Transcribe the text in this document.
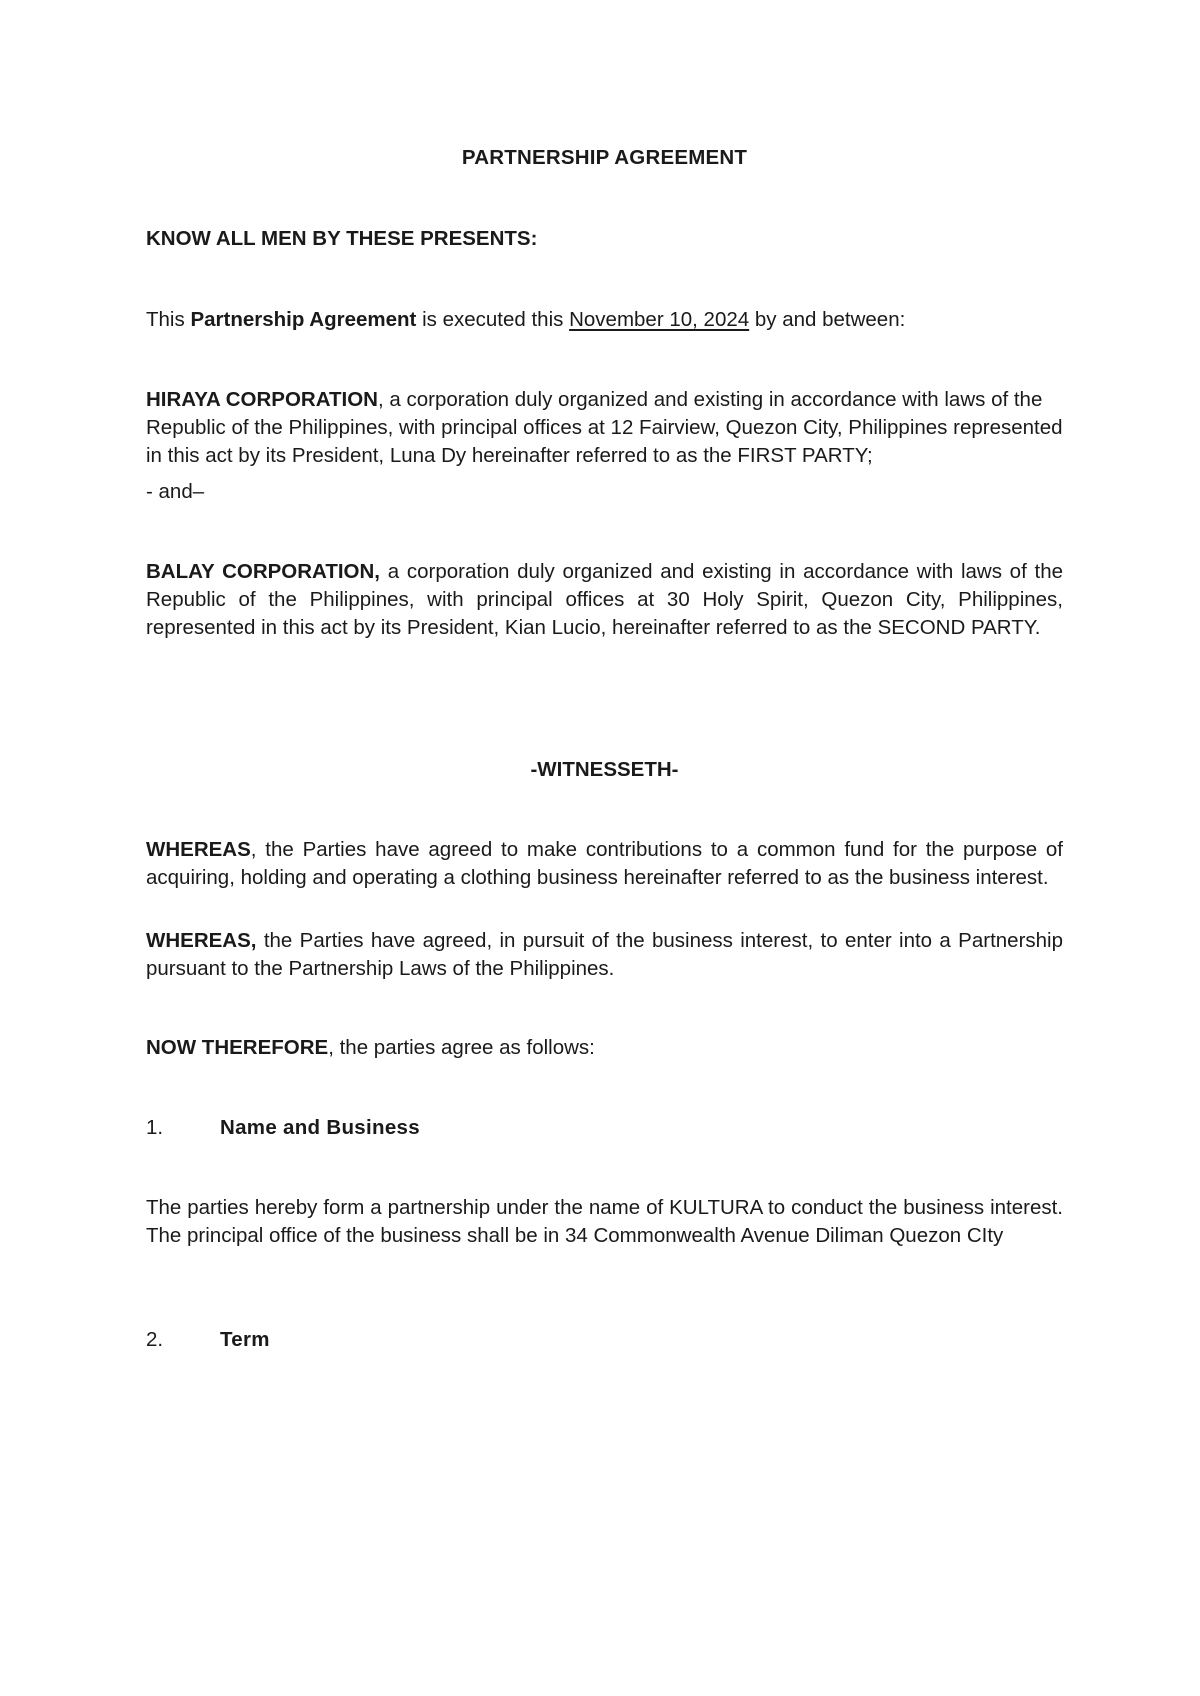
PARTNERSHIP AGREEMENT

KNOW ALL MEN BY THESE PRESENTS:

This Partnership Agreement is executed this November 10, 2024 by and between:

HIRAYA CORPORATION, a corporation duly organized and existing in accordance with laws of the Republic of the Philippines, with principal offices at 12 Fairview, Quezon City, Philippines represented in this act by its President, Luna Dy hereinafter referred to as the FIRST PARTY;

- and–

BALAY CORPORATION, a corporation duly organized and existing in accordance with laws of the Republic of the Philippines, with principal offices at 30 Holy Spirit, Quezon City, Philippines, represented in this act by its President, Kian Lucio, hereinafter referred to as the SECOND PARTY.

-WITNESSETH-

WHEREAS, the Parties have agreed to make contributions to a common fund for the purpose of acquiring, holding and operating a clothing business hereinafter referred to as the business interest.

WHEREAS, the Parties have agreed, in pursuit of the business interest, to enter into a Partnership pursuant to the Partnership Laws of the Philippines.

NOW THEREFORE, the parties agree as follows:

1.	Name and Business

The parties hereby form a partnership under the name of KULTURA to conduct the business interest. The principal office of the business shall be in 34 Commonwealth Avenue Diliman Quezon CIty

2.	Term
